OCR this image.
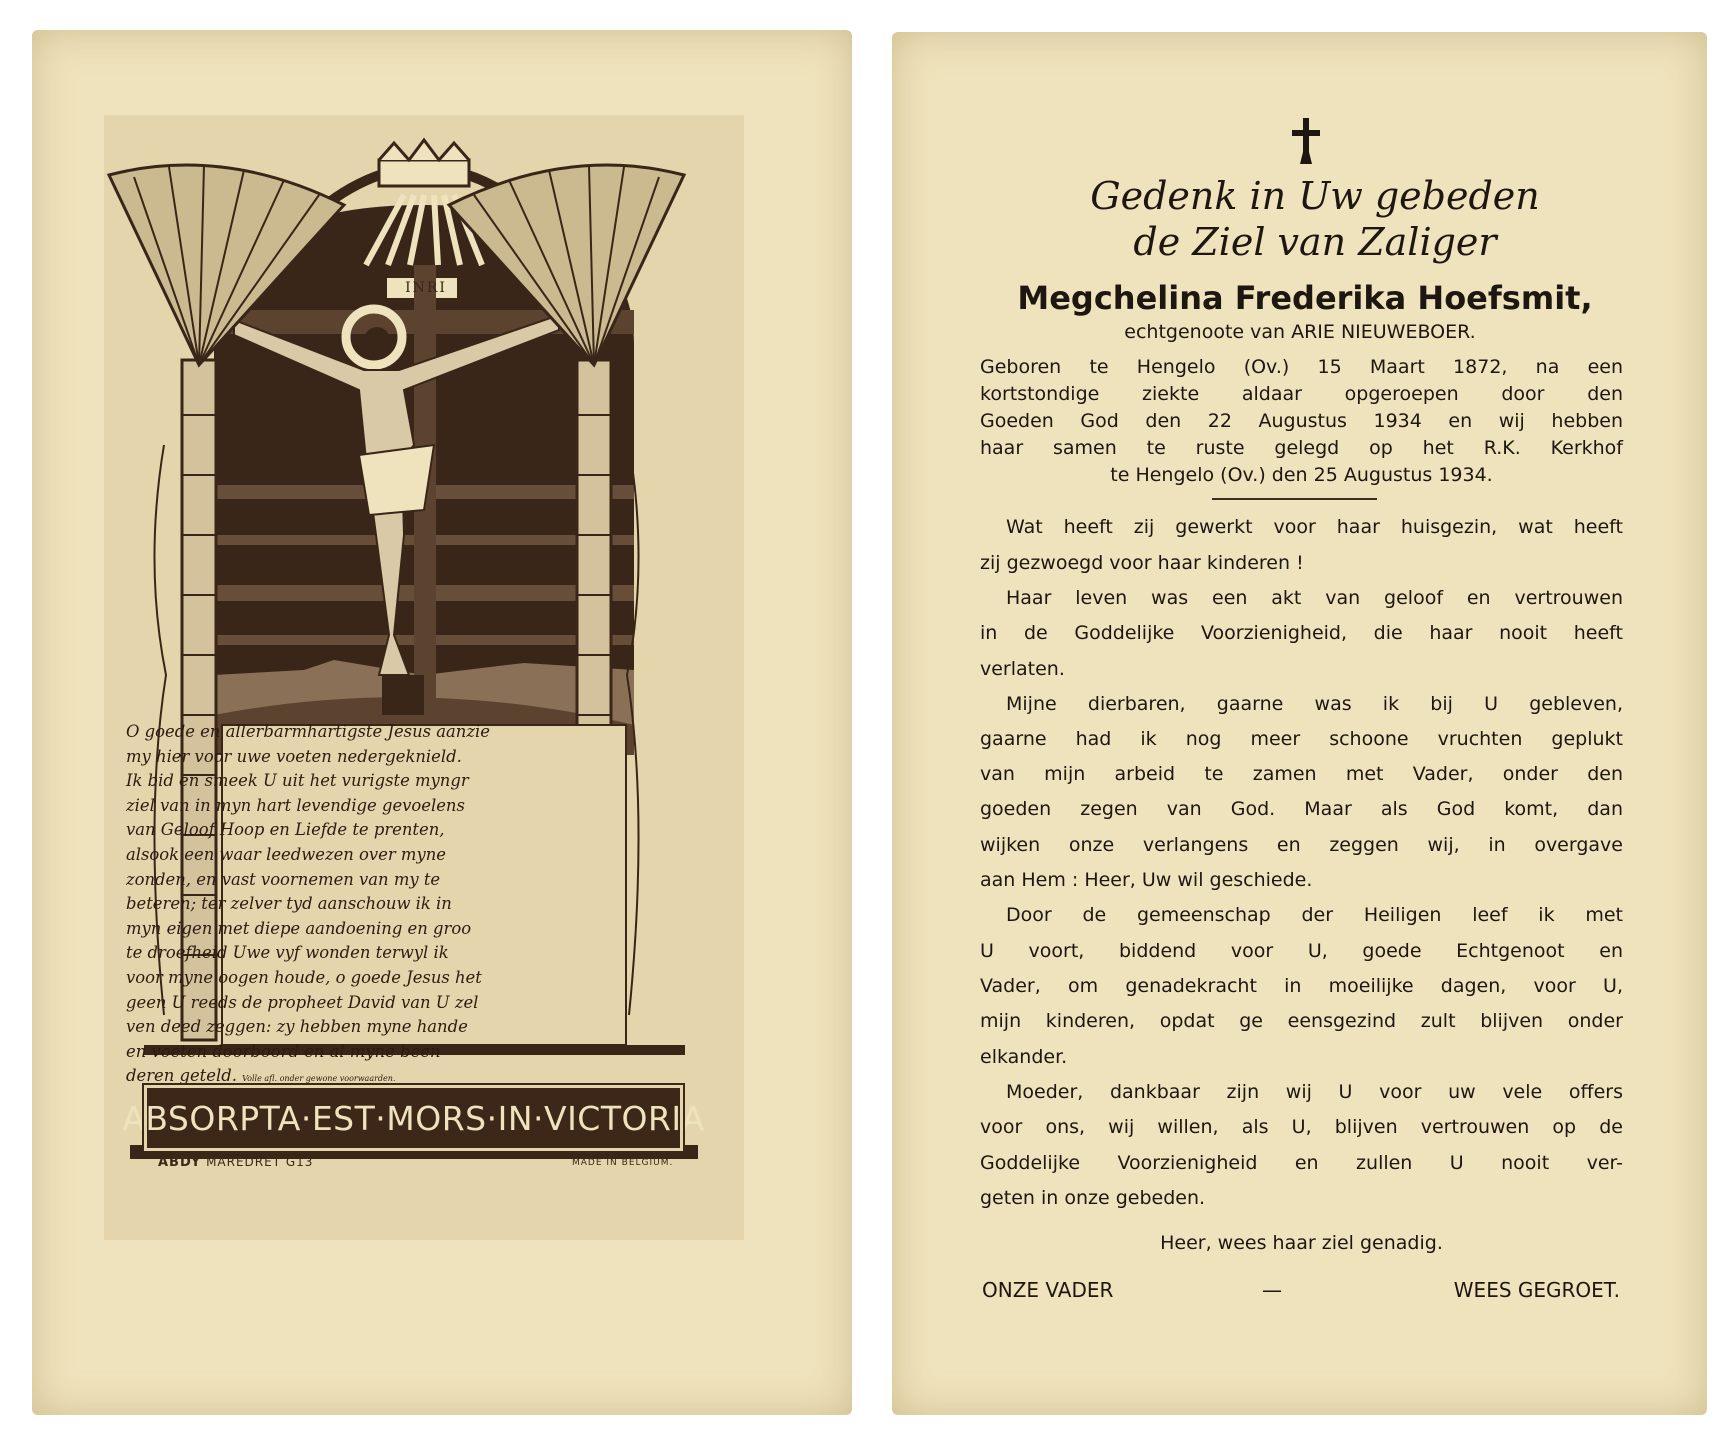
INRI
O goede en allerbarmhartigste Jesus aanzie
my hier voor uwe voeten nedergeknield.
Ik bid en smeek U uit het vurigste myngr
ziel van in myn hart levendige gevoelens
van Geloof Hoop en Liefde te prenten,
alsook een waar leedwezen over myne
zonden, en vast voornemen van my te
beteren; ter zelver tyd aanschouw ik in
myn eigen met diepe aandoening en groo
te droefheid Uwe vyf wonden terwyl ik
voor myne oogen houde, o goede Jesus het
geen U reeds de propheet David van U zel
ven deed zeggen: zy hebben myne hande
en voeten doorboord en al myne been
deren geteld. Volle afl. onder gewone voorwaarden.
ABSORPTA·EST·MORS·IN·VICTORIA
ABDY MAREDRET G13	MADE IN BELGIUM.
Gedenk in Uw gebeden
de Ziel van Zaliger
Megchelina Frederika Hoefsmit,
echtgenoote van ARIE NIEUWEBOER.
Geboren te Hengelo (Ov.) 15 Maart 1872, na een
kortstondige ziekte aldaar opgeroepen door den
Goeden God den 22 Augustus 1934 en wij hebben
haar samen te ruste gelegd op het R.K. Kerkhof
te Hengelo (Ov.) den 25 Augustus 1934.
Wat heeft zij gewerkt voor haar huisgezin, wat heeft
zij gezwoegd voor haar kinderen !
Haar leven was een akt van geloof en vertrouwen
in de Goddelijke Voorzienigheid, die haar nooit heeft
verlaten.
Mijne dierbaren, gaarne was ik bij U gebleven,
gaarne had ik nog meer schoone vruchten geplukt
van mijn arbeid te zamen met Vader, onder den
goeden zegen van God. Maar als God komt, dan
wijken onze verlangens en zeggen wij, in overgave
aan Hem : Heer, Uw wil geschiede.
Door de gemeenschap der Heiligen leef ik met
U voort, biddend voor U, goede Echtgenoot en
Vader, om genadekracht in moeilijke dagen, voor U,
mijn kinderen, opdat ge eensgezind zult blijven onder
elkander.
Moeder, dankbaar zijn wij U voor uw vele offers
voor ons, wij willen, als U, blijven vertrouwen op de
Goddelijke Voorzienigheid en zullen U nooit ver-
geten in onze gebeden.
Heer, wees haar ziel genadig.
ONZE VADER	—	WEES GEGROET.
